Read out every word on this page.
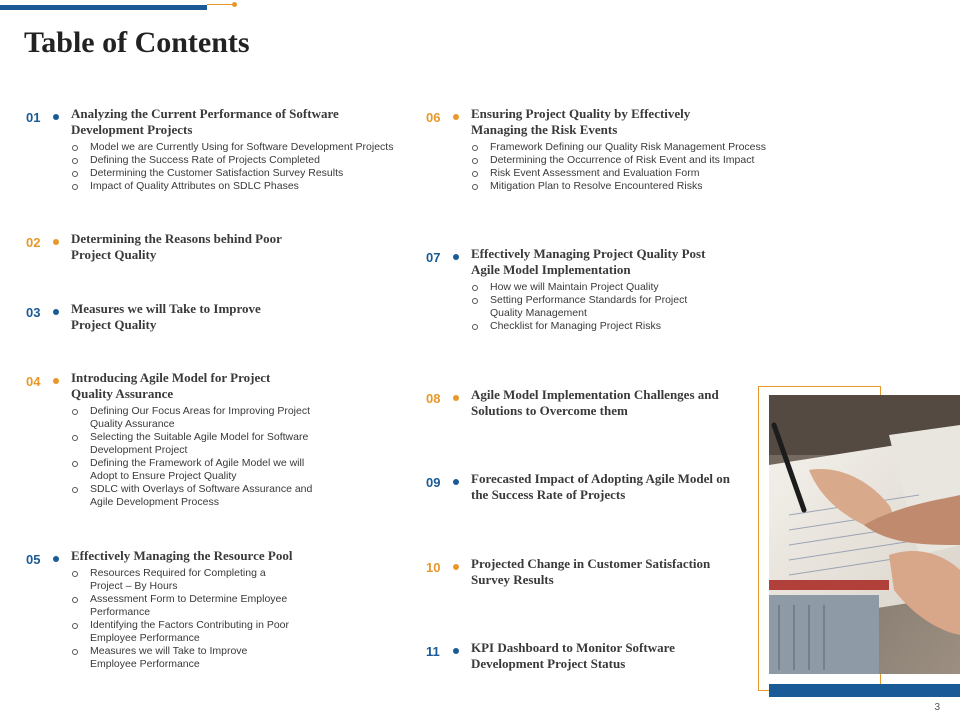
Table of Contents
01	Analyzing the Current Performance of Software
Development Projects
Model we are Currently Using for Software Development Projects
Defining the Success Rate of Projects Completed
Determining the Customer Satisfaction Survey Results
Impact of Quality Attributes on SDLC Phases
02	Determining the Reasons behind Poor
Project Quality
03	Measures we will Take to Improve
Project Quality
04	Introducing Agile Model for Project
Quality Assurance
Defining Our Focus Areas for Improving Project
Quality Assurance
Selecting the Suitable Agile Model for Software
Development Project
Defining the Framework of Agile Model we will
Adopt to Ensure Project Quality
SDLC with Overlays of Software Assurance and
Agile Development Process
05	Effectively Managing the Resource Pool
Resources Required for Completing a
Project – By Hours
Assessment Form to Determine Employee
Performance
Identifying the Factors Contributing in Poor
Employee Performance
Measures we will Take to Improve
Employee Performance
06	Ensuring Project Quality by Effectively
Managing the Risk Events
Framework Defining our Quality Risk Management Process
Determining the Occurrence of Risk Event and its Impact
Risk Event Assessment and Evaluation Form
Mitigation Plan to Resolve Encountered Risks
07	Effectively Managing Project Quality Post
Agile Model Implementation
How we will Maintain Project Quality
Setting Performance Standards for Project
Quality Management
Checklist for Managing Project Risks
08	Agile Model Implementation Challenges and
Solutions to Overcome them
09	Forecasted Impact of Adopting Agile Model on
the Success Rate of Projects
10	Projected Change in Customer Satisfaction
Survey Results
11	KPI Dashboard to Monitor Software
Development Project Status
3
